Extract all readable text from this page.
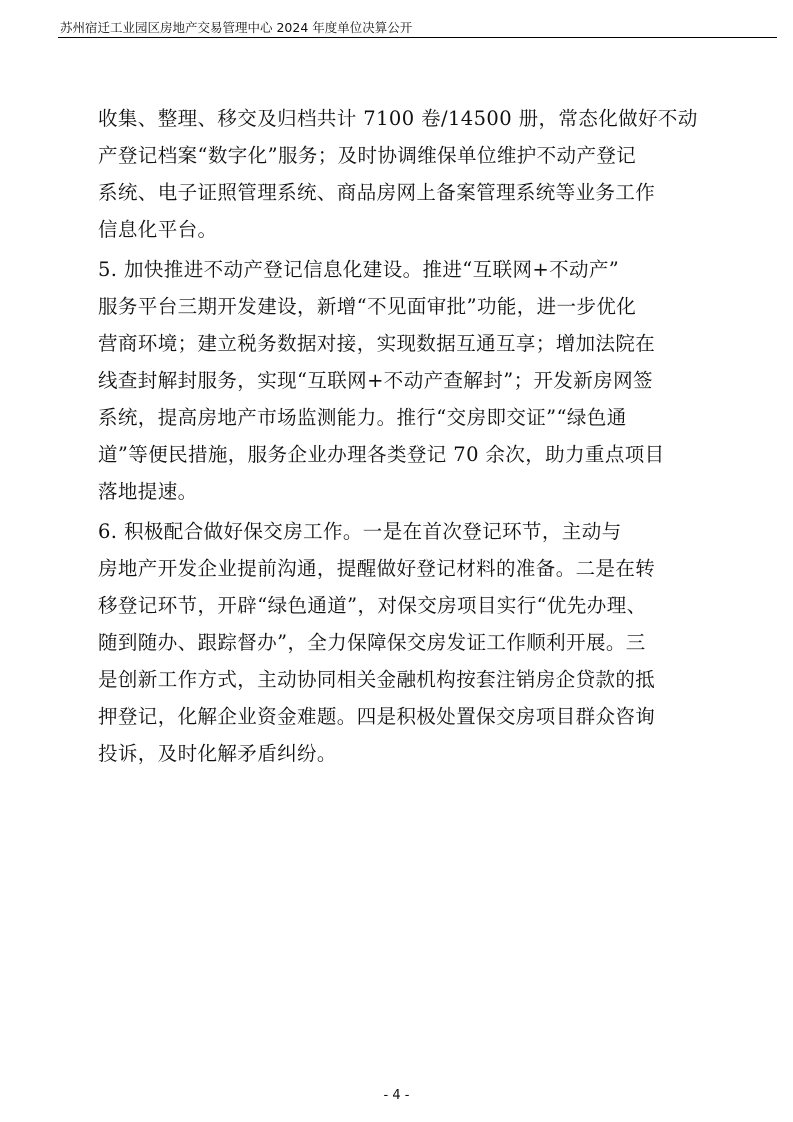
苏州宿迁工业园区房地产交易管理中心 2024 年度单位决算公开
收集、整理、移交及归档共计 7100 卷/14500 册，常态化做好不动
产登记档案“数字化”服务；及时协调维保单位维护不动产登记
系统、电子证照管理系统、商品房网上备案管理系统等业务工作
信息化平台。
5. 加快推进不动产登记信息化建设。推进“互联网+不动产”
服务平台三期开发建设，新增“不见面审批”功能，进一步优化
营商环境；建立税务数据对接，实现数据互通互享；增加法院在
线查封解封服务，实现“互联网+不动产查解封”；开发新房网签
系统，提高房地产市场监测能力。推行“交房即交证”“绿色通
道”等便民措施，服务企业办理各类登记 70 余次，助力重点项目
落地提速。
6. 积极配合做好保交房工作。一是在首次登记环节，主动与
房地产开发企业提前沟通，提醒做好登记材料的准备。二是在转
移登记环节，开辟“绿色通道”，对保交房项目实行“优先办理、
随到随办、跟踪督办”，全力保障保交房发证工作顺利开展。三
是创新工作方式，主动协同相关金融机构按套注销房企贷款的抵
押登记，化解企业资金难题。四是积极处置保交房项目群众咨询
投诉，及时化解矛盾纠纷。
- 4 -
